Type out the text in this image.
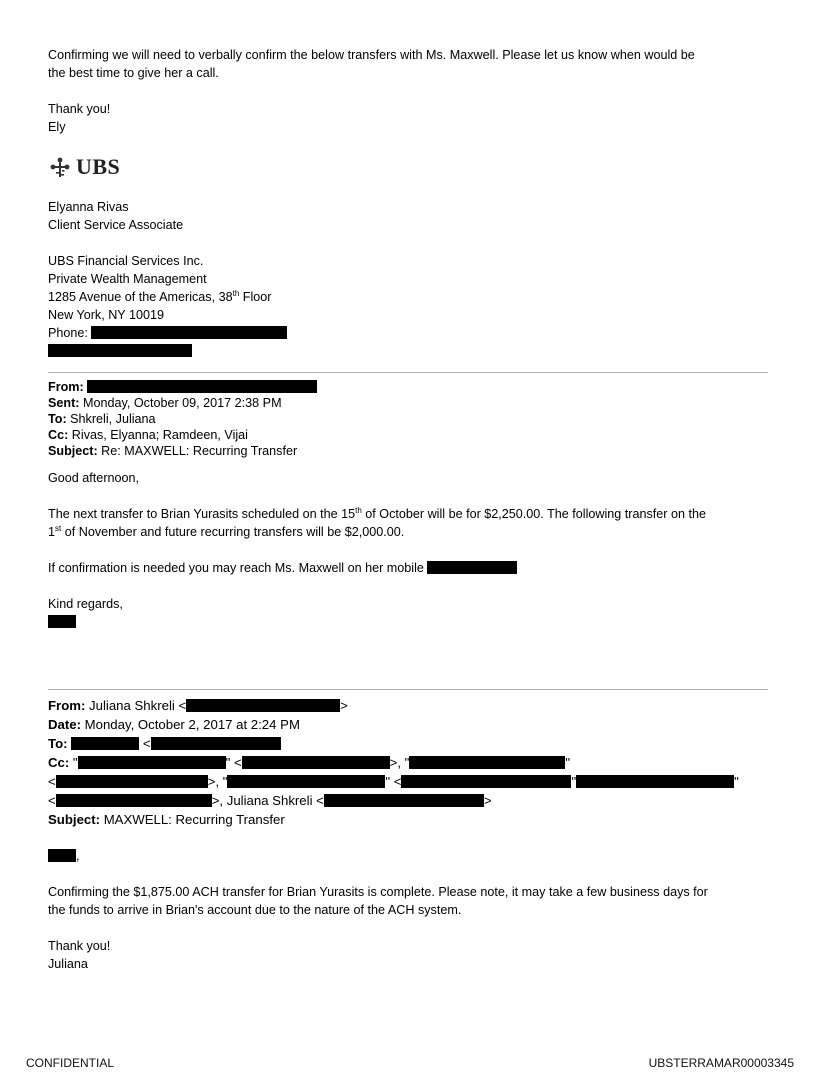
Confirming we will need to verbally confirm the below transfers with Ms. Maxwell. Please let us know when would be

the best time to give her a call.

Thank you!

Ely

UBS

Elyanna Rivas

Client Service Associate

UBS Financial Services Inc.

Private Wealth Management

1285 Avenue of the Americas, 38th Floor

New York, NY 10019

Phone:

From:

Sent: Monday, October 09, 2017 2:38 PM

To: Shkreli, Juliana

Cc: Rivas, Elyanna; Ramdeen, Vijai

Subject: Re: MAXWELL: Recurring Transfer

Good afternoon,

The next transfer to Brian Yurasits scheduled on the 15th of October will be for $2,250.00. The following transfer on the

1st of November and future recurring transfers will be $2,000.00.

If confirmation is needed you may reach Ms. Maxwell on her mobile

Kind regards,

From: Juliana Shkreli <	>

Date: Monday, October 2, 2017 at 2:24 PM

To:	<

Cc: "	" <	>, "	"

<	>, "	" <	"	"

<	>, Juliana Shkreli <	>

Subject: MAXWELL: Recurring Transfer

,

Confirming the $1,875.00 ACH transfer for Brian Yurasits is complete. Please note, it may take a few business days for

the funds to arrive in Brian's account due to the nature of the ACH system.

Thank you!

Juliana

CONFIDENTIAL	UBSTERRAMAR00003345
